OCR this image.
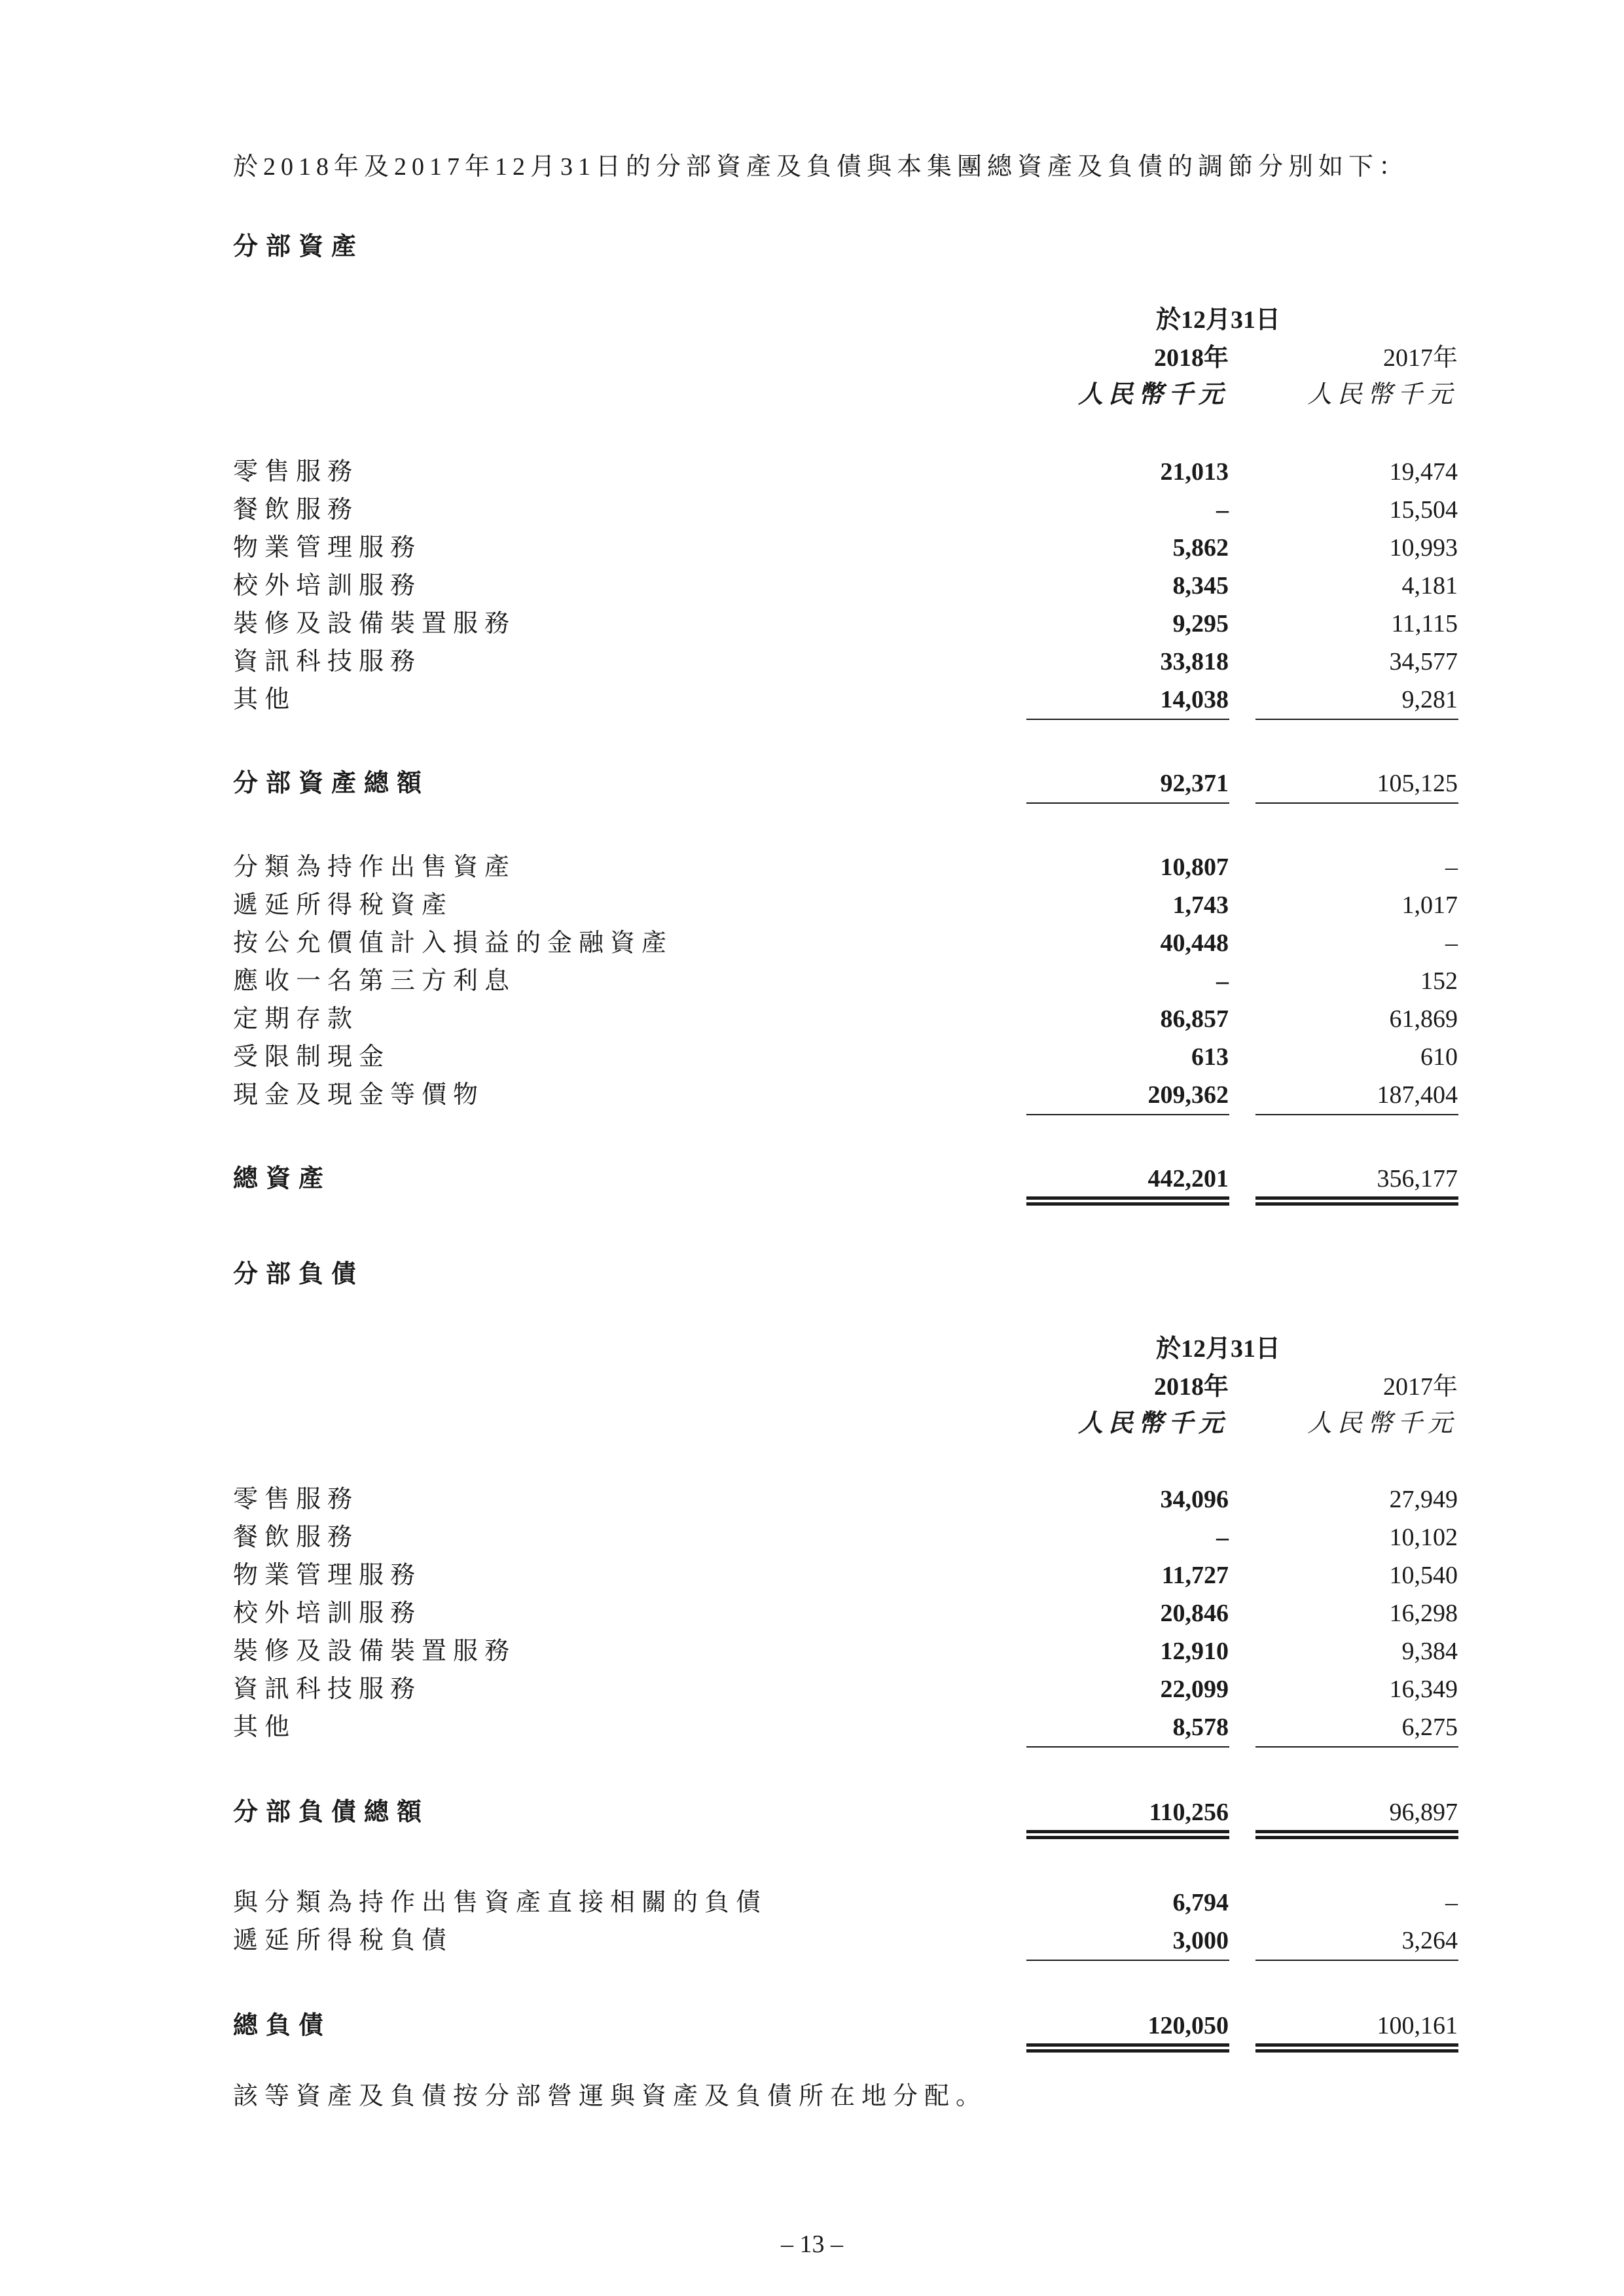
於2018年及2017年12月31日的分部資產及負債與本集團總資產及負債的調節分別如下：
分部資產
於12月31日
2018年	2017年
人民幣千元	人民幣千元
零售服務	21,013	19,474
餐飲服務	–	15,504
物業管理服務	5,862	10,993
校外培訓服務	8,345	4,181
裝修及設備裝置服務	9,295	11,115
資訊科技服務	33,818	34,577
其他	14,038	9,281
分部資產總額	92,371	105,125
分類為持作出售資產	10,807	–
遞延所得稅資產	1,743	1,017
按公允價值計入損益的金融資產	40,448	–
應收一名第三方利息	–	152
定期存款	86,857	61,869
受限制現金	613	610
現金及現金等價物	209,362	187,404
總資產	442,201	356,177
分部負債
於12月31日
2018年	2017年
人民幣千元	人民幣千元
零售服務	34,096	27,949
餐飲服務	–	10,102
物業管理服務	11,727	10,540
校外培訓服務	20,846	16,298
裝修及設備裝置服務	12,910	9,384
資訊科技服務	22,099	16,349
其他	8,578	6,275
分部負債總額	110,256	96,897
與分類為持作出售資產直接相關的負債	6,794	–
遞延所得稅負債	3,000	3,264
總負債	120,050	100,161
該等資產及負債按分部營運與資產及負債所在地分配。
– 13 –
